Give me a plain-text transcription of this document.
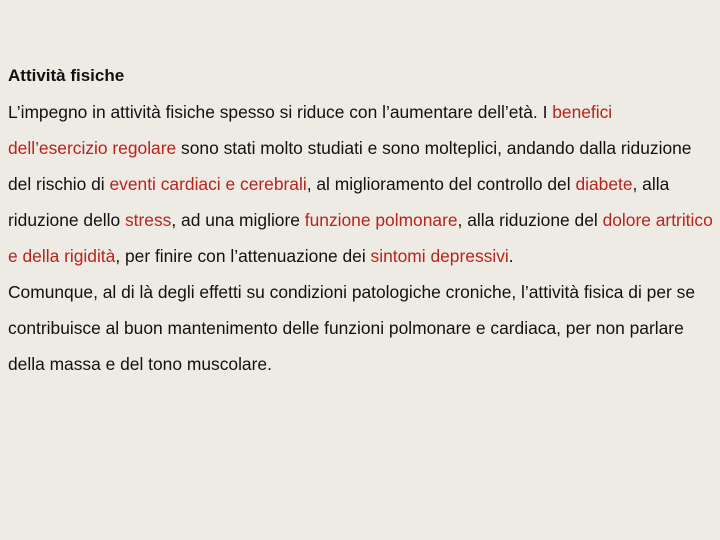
Attività fisiche

L’impegno in attività fisiche spesso si riduce con l’aumentare dell’età. I benefici dell’esercizio regolare sono stati molto studiati e sono molteplici, andando dalla riduzione del rischio di eventi cardiaci e cerebrali, al miglioramento del controllo del diabete, alla riduzione dello stress, ad una migliore funzione polmonare, alla riduzione del dolore artritico e della rigidità, per finire con l’attenuazione dei sintomi depressivi.

Comunque, al di là degli effetti su condizioni patologiche croniche, l’attività fisica di per se contribuisce al buon mantenimento delle funzioni polmonare e cardiaca, per non parlare della massa e del tono muscolare.
